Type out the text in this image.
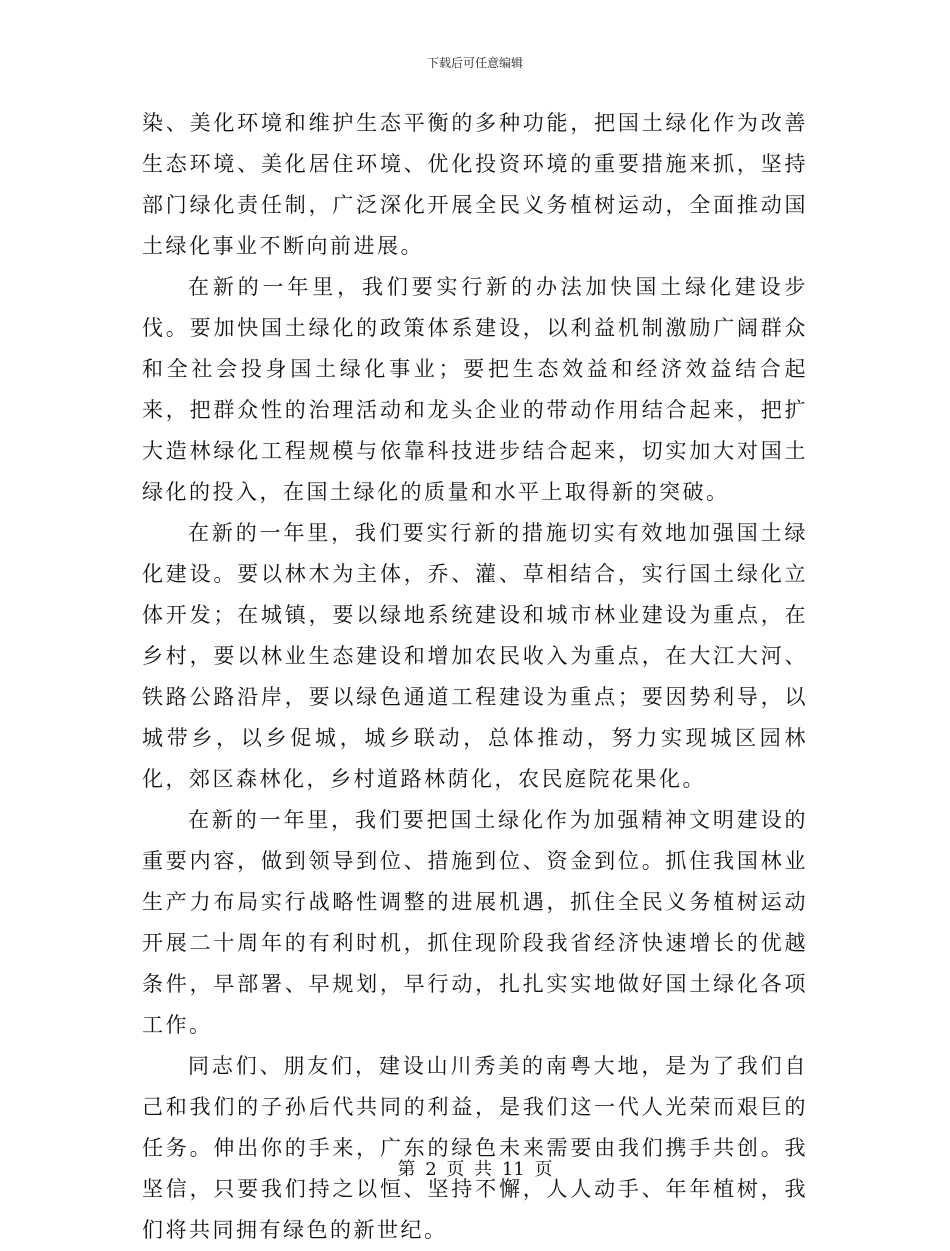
下载后可任意编辑

染、美化环境和维护生态平衡的多种功能，把国土绿化作为改善生态环境、美化居住环境、优化投资环境的重要措施来抓，坚持部门绿化责任制，广泛深化开展全民义务植树运动，全面推动国土绿化事业不断向前进展。

在新的一年里，我们要实行新的办法加快国土绿化建设步伐。要加快国土绿化的政策体系建设，以利益机制激励广阔群众和全社会投身国土绿化事业；要把生态效益和经济效益结合起来，把群众性的治理活动和龙头企业的带动作用结合起来，把扩大造林绿化工程规模与依靠科技进步结合起来，切实加大对国土绿化的投入，在国土绿化的质量和水平上取得新的突破。

在新的一年里，我们要实行新的措施切实有效地加强国土绿化建设。要以林木为主体，乔、灌、草相结合，实行国土绿化立体开发；在城镇，要以绿地系统建设和城市林业建设为重点，在乡村，要以林业生态建设和增加农民收入为重点，在大江大河、铁路公路沿岸，要以绿色通道工程建设为重点；要因势利导，以城带乡，以乡促城，城乡联动，总体推动，努力实现城区园林化，郊区森林化，乡村道路林荫化，农民庭院花果化。

在新的一年里，我们要把国土绿化作为加强精神文明建设的重要内容，做到领导到位、措施到位、资金到位。抓住我国林业生产力布局实行战略性调整的进展机遇，抓住全民义务植树运动开展二十周年的有利时机，抓住现阶段我省经济快速增长的优越条件，早部署、早规划，早行动，扎扎实实地做好国土绿化各项工作。

同志们、朋友们，建设山川秀美的南粤大地，是为了我们自己和我们的子孙后代共同的利益，是我们这一代人光荣而艰巨的任务。伸出你的手来，广东的绿色未来需要由我们携手共创。我坚信，只要我们持之以恒、坚持不懈，人人动手、年年植树，我们将共同拥有绿色的新世纪。

第 2 页 共 11 页
